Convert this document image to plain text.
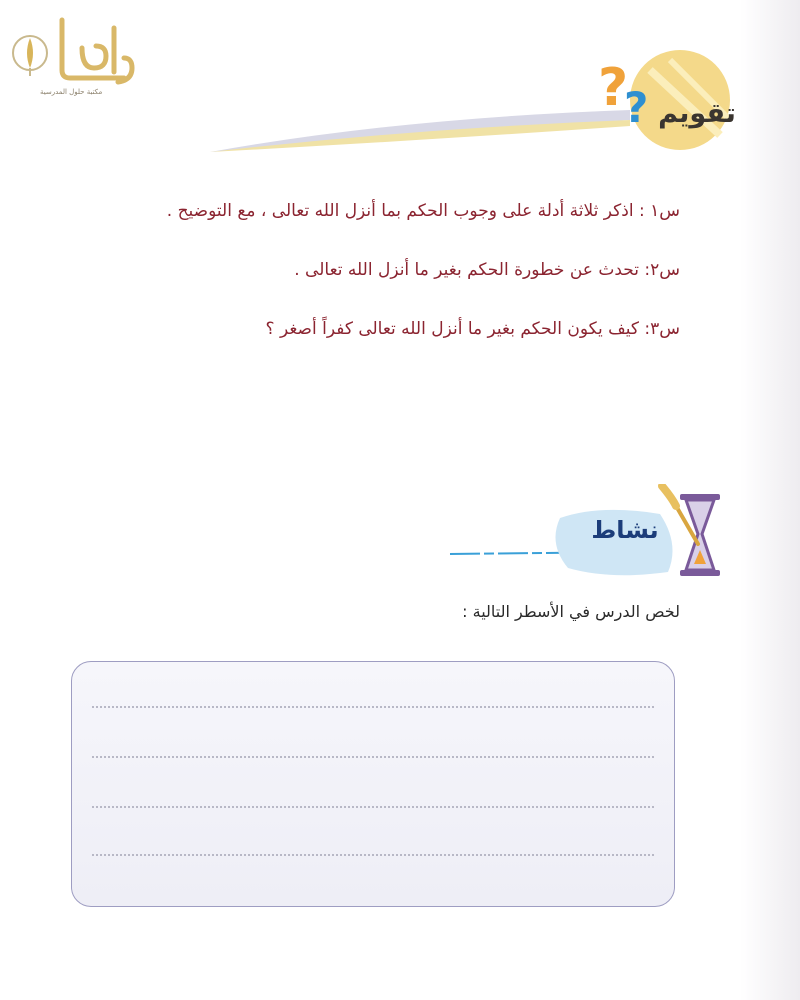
مكتبة حلول المدرسية	?
? تقويم
س١ : اذكر ثلاثة أدلة على وجوب الحكم بما أنزل الله تعالى ، مع التوضيح .
س٢: تحدث عن خطورة الحكم بغير ما أنزل الله تعالى .
س٣: كيف يكون الحكم بغير ما أنزل الله تعالى كفراً أصغر ؟
نشاط
لخص الدرس في الأسطر التالية :
